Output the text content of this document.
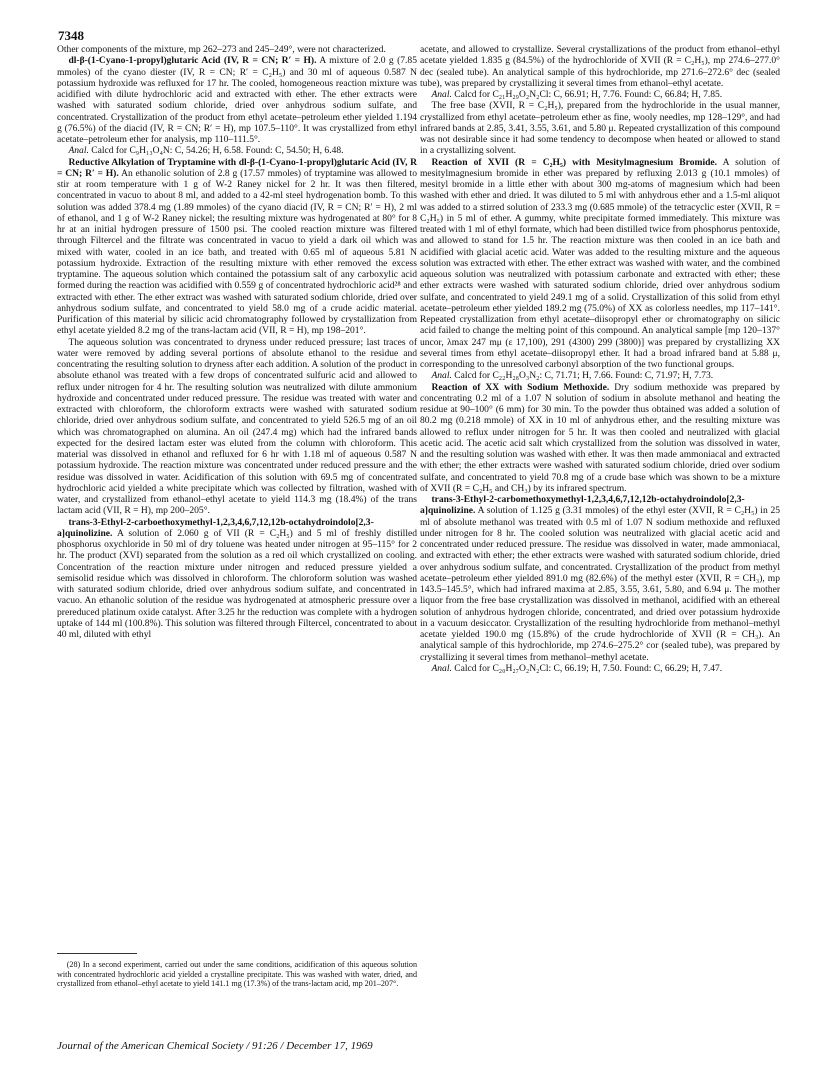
7348

Other components of the mixture, mp 262–273 and 245–249°, were not characterized.

dl-β-(1-Cyano-1-propyl)glutaric Acid (IV, R = CN; R′ = H). A mixture of 2.0 g (7.85 mmoles) of the cyano diester (IV, R = CN; R′ = C₂H₅) and 30 ml of aqueous 0.587 N potassium hydroxide was refluxed for 17 hr. The cooled, homogeneous reaction mixture was acidified with dilute hydrochloric acid and extracted with ether. The ether extracts were washed with saturated sodium chloride, dried over anhydrous sodium sulfate, and concentrated. Crystallization of the product from ethyl acetate–petroleum ether yielded 1.194 g (76.5%) of the diacid (IV, R = CN; R′ = H), mp 107.5–110°. It was crystallized from ethyl acetate–petroleum ether for analysis, mp 110–111.5°.

Anal. Calcd for C₉H₁₃O₄N: C, 54.26; H, 6.58. Found: C, 54.50; H, 6.48.

Reductive Alkylation of Tryptamine with dl-β-(1-Cyano-1-propyl)glutaric Acid (IV, R = CN; R′ = H). An ethanolic solution of 2.8 g (17.57 mmoles) of tryptamine was allowed to stir at room temperature with 1 g of W-2 Raney nickel for 2 hr. It was then filtered, concentrated in vacuo to about 8 ml, and added to a 42-ml steel hydrogenation bomb. To this solution was added 378.4 mg (1.89 mmoles) of the cyano diacid (IV, R = CN; R′ = H), 2 ml of ethanol, and 1 g of W-2 Raney nickel; the resulting mixture was hydrogenated at 80° for 8 hr at an initial hydrogen pressure of 1500 psi. The cooled reaction mixture was filtered through Filtercel and the filtrate was concentrated in vacuo to yield a dark oil which was mixed with water, cooled in an ice bath, and treated with 0.65 ml of aqueous 5.81 N potassium hydroxide. Extraction of the resulting mixture with ether removed the excess tryptamine. The aqueous solution which contained the potassium salt of any carboxylic acid formed during the reaction was acidified with 0.559 g of concentrated hydrochloric acid²⁸ and extracted with ether. The ether extract was washed with saturated sodium chloride, dried over anhydrous sodium sulfate, and concentrated to yield 58.0 mg of a crude acidic material. Purification of this material by silicic acid chromatography followed by crystallization from ethyl acetate yielded 8.2 mg of the trans-lactam acid (VII, R = H), mp 198–201°.

The aqueous solution was concentrated to dryness under reduced pressure; last traces of water were removed by adding several portions of absolute ethanol to the residue and concentrating the resulting solution to dryness after each addition. A solution of the product in absolute ethanol was treated with a few drops of concentrated sulfuric acid and allowed to reflux under nitrogen for 4 hr. The resulting solution was neutralized with dilute ammonium hydroxide and concentrated under reduced pressure. The residue was treated with water and extracted with chloroform, the chloroform extracts were washed with saturated sodium chloride, dried over anhydrous sodium sulfate, and concentrated to yield 526.5 mg of an oil which was chromatographed on alumina. An oil (247.4 mg) which had the infrared bands expected for the desired lactam ester was eluted from the column with chloroform. This material was dissolved in ethanol and refluxed for 6 hr with 1.18 ml of aqueous 0.587 N potassium hydroxide. The reaction mixture was concentrated under reduced pressure and the residue was dissolved in water. Acidification of this solution with 69.5 mg of concentrated hydrochloric acid yielded a white precipitate which was collected by filtration, washed with water, and crystallized from ethanol–ethyl acetate to yield 114.3 mg (18.4%) of the trans lactam acid (VII, R = H), mp 200–205°.

trans-3-Ethyl-2-carboethoxymethyl-1,2,3,4,6,7,12,12b-octahydroindolo[2,3-a]quinolizine. A solution of 2.060 g of VII (R = C₂H₅) and 5 ml of freshly distilled phosphorus oxychloride in 50 ml of dry toluene was heated under nitrogen at 95–115° for 2 hr. The product (XVI) separated from the solution as a red oil which crystallized on cooling. Concentration of the reaction mixture under nitrogen and reduced pressure yielded a semisolid residue which was dissolved in chloroform. The chloroform solution was washed with saturated sodium chloride, dried over anhydrous sodium sulfate, and concentrated in vacuo. An ethanolic solution of the residue was hydrogenated at atmospheric pressure over a prereduced platinum oxide catalyst. After 3.25 hr the reduction was complete with a hydrogen uptake of 144 ml (100.8%). This solution was filtered through Filtercel, concentrated to about 40 ml, diluted with ethyl

acetate, and allowed to crystallize. Several crystallizations of the product from ethanol–ethyl acetate yielded 1.835 g (84.5%) of the hydrochloride of XVII (R = C₂H₅), mp 274.6–277.0° dec (sealed tube). An analytical sample of this hydrochloride, mp 271.6–272.6° dec (sealed tube), was prepared by crystallizing it several times from ethanol–ethyl acetate.

Anal. Calcd for C₂₁H₂₉O₂N₂Cl: C, 66.91; H, 7.76. Found: C, 66.84; H, 7.85.

The free base (XVII, R = C₂H₅), prepared from the hydrochloride in the usual manner, crystallized from ethyl acetate–petroleum ether as fine, wooly needles, mp 128–129°, and had infrared bands at 2.85, 3.41, 3.55, 3.61, and 5.80 μ. Repeated crystallization of this compound was not desirable since it had some tendency to decompose when heated or allowed to stand in a crystallizing solvent.

Reaction of XVII (R = C₂H₅) with Mesitylmagnesium Bromide. A solution of mesitylmagnesium bromide in ether was prepared by refluxing 2.013 g (10.1 mmoles) of mesityl bromide in a little ether with about 300 mg-atoms of magnesium which had been washed with ether and dried. It was diluted to 5 ml with anhydrous ether and a 1.5-ml aliquot was added to a stirred solution of 233.3 mg (0.685 mmole) of the tetracyclic ester (XVII, R = C₂H₅) in 5 ml of ether. A gummy, white precipitate formed immediately. This mixture was treated with 1 ml of ethyl formate, which had been distilled twice from phosphorus pentoxide, and allowed to stand for 1.5 hr. The reaction mixture was then cooled in an ice bath and acidified with glacial acetic acid. Water was added to the resulting mixture and the aqueous solution was extracted with ether. The ether extract was washed with water, and the combined aqueous solution was neutralized with potassium carbonate and extracted with ether; these ether extracts were washed with saturated sodium chloride, dried over anhydrous sodium sulfate, and concentrated to yield 249.1 mg of a solid. Crystallization of this solid from ethyl acetate–petroleum ether yielded 189.2 mg (75.0%) of XX as colorless needles, mp 117–141°. Repeated crystallization from ethyl acetate–diisopropyl ether or chromatography on silicic acid failed to change the melting point of this compound. An analytical sample [mp 120–137° uncor, λmax 247 mμ (ε 17,100), 291 (4300) 299 (3800)] was prepared by crystallizing XX several times from ethyl acetate–diisopropyl ether. It had a broad infrared band at 5.88 μ, corresponding to the unresolved carbonyl absorption of the two functional groups.

Anal. Calcd for C₂₂H₂₈O₃N₂: C, 71.71; H, 7.66. Found: C, 71.97; H, 7.73.

Reaction of XX with Sodium Methoxide. Dry sodium methoxide was prepared by concentrating 0.2 ml of a 1.07 N solution of sodium in absolute methanol and heating the residue at 90–100° (6 mm) for 30 min. To the powder thus obtained was added a solution of 80.2 mg (0.218 mmole) of XX in 10 ml of anhydrous ether, and the resulting mixture was allowed to reflux under nitrogen for 5 hr. It was then cooled and neutralized with glacial acetic acid. The acetic acid salt which crystallized from the solution was dissolved in water, and the resulting solution was washed with ether. It was then made ammoniacal and extracted with ether; the ether extracts were washed with saturated sodium chloride, dried over sodium sulfate, and concentrated to yield 70.8 mg of a crude base which was shown to be a mixture of XVII (R = C₂H₅ and CH₃) by its infrared spectrum.

trans-3-Ethyl-2-carbomethoxymethyl-1,2,3,4,6,7,12,12b-octahydroindolo[2,3-a]quinolizine. A solution of 1.125 g (3.31 mmoles) of the ethyl ester (XVII, R = C₂H₅) in 25 ml of absolute methanol was treated with 0.5 ml of 1.07 N sodium methoxide and refluxed under nitrogen for 8 hr. The cooled solution was neutralized with glacial acetic acid and concentrated under reduced pressure. The residue was dissolved in water, made ammoniacal, and extracted with ether; the ether extracts were washed with saturated sodium chloride, dried over anhydrous sodium sulfate, and concentrated. Crystallization of the product from methyl acetate–petroleum ether yielded 891.0 mg (82.6%) of the methyl ester (XVII, R = CH₃), mp 143.5–145.5°, which had infrared maxima at 2.85, 3.55, 3.61, 5.80, and 6.94 μ. The mother liquor from the free base crystallization was dissolved in methanol, acidified with an ethereal solution of anhydrous hydrogen chloride, concentrated, and dried over potassium hydroxide in a vacuum desiccator. Crystallization of the resulting hydrochloride from methanol–methyl acetate yielded 190.0 mg (15.8%) of the crude hydrochloride of XVII (R = CH₃). An analytical sample of this hydrochloride, mp 274.6–275.2° cor (sealed tube), was prepared by crystallizing it several times from methanol–methyl acetate.

Anal. Calcd for C₂₀H₂₇O₂N₂Cl: C, 66.19; H, 7.50. Found: C, 66.29; H, 7.47.

(28) In a second experiment, carried out under the same conditions, acidification of this aqueous solution with concentrated hydrochloric acid yielded a crystalline precipitate. This was washed with water, dried, and crystallized from ethanol–ethyl acetate to yield 141.1 mg (17.3%) of the trans-lactam acid, mp 201–207°.

Journal of the American Chemical Society / 91:26 / December 17, 1969
